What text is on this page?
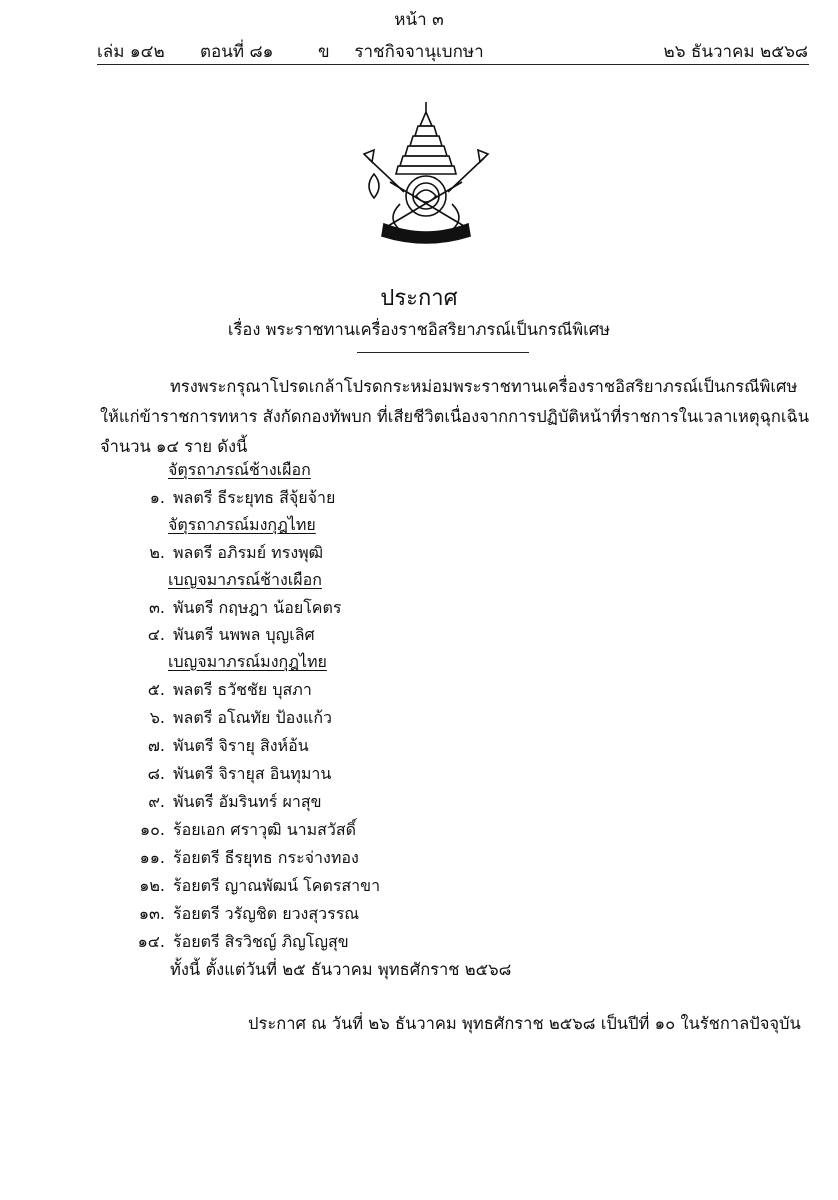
หน้า ๓
เล่ม ๑๔๒ ตอนที่ ๘๑	ข	ราชกิจจานุเบกษา	๒๖ ธันวาคม ๒๕๖๘
ประกาศ
เรื่อง พระราชทานเครื่องราชอิสริยาภรณ์เป็นกรณีพิเศษ
ทรงพระกรุณาโปรดเกล้าโปรดกระหม่อมพระราชทานเครื่องราชอิสริยาภรณ์เป็นกรณีพิเศษ
ให้แก่ข้าราชการทหาร สังกัดกองทัพบก ที่เสียชีวิตเนื่องจากการปฏิบัติหน้าที่ราชการในเวลาเหตุฉุกเฉิน
จำนวน ๑๔ ราย ดังนี้
จัตุรถาภรณ์ช้างเผือก
๑. พลตรี ธีระยุทธ สีจุ้ยจ้าย
จัตุรถาภรณ์มงกุฎไทย
๒. พลตรี อภิรมย์ ทรงพุฒิ
เบญจมาภรณ์ช้างเผือก
๓. พันตรี กฤษฎา น้อยโคตร
๔. พันตรี นพพล บุญเลิศ
เบญจมาภรณ์มงกุฎไทย
๕. พลตรี ธวัชชัย บุสภา
๖. พลตรี อโณทัย ป้องแก้ว
๗. พันตรี จิรายุ สิงห์อ้น
๘. พันตรี จิรายุส อินทุมาน
๙. พันตรี อัมรินทร์ ผาสุข
๑๐. ร้อยเอก ศราวุฒิ นามสวัสดิ์
๑๑. ร้อยตรี ธีรยุทธ กระจ่างทอง
๑๒. ร้อยตรี ญาณพัฒน์ โคตรสาขา
๑๓. ร้อยตรี วรัญชิต ยวงสุวรรณ
๑๔. ร้อยตรี สิรวิชญ์ ภิญโญสุข
ทั้งนี้ ตั้งแต่วันที่ ๒๕ ธันวาคม พุทธศักราช ๒๕๖๘
ประกาศ ณ วันที่ ๒๖ ธันวาคม พุทธศักราช ๒๕๖๘ เป็นปีที่ ๑๐ ในรัชกาลปัจจุบัน
